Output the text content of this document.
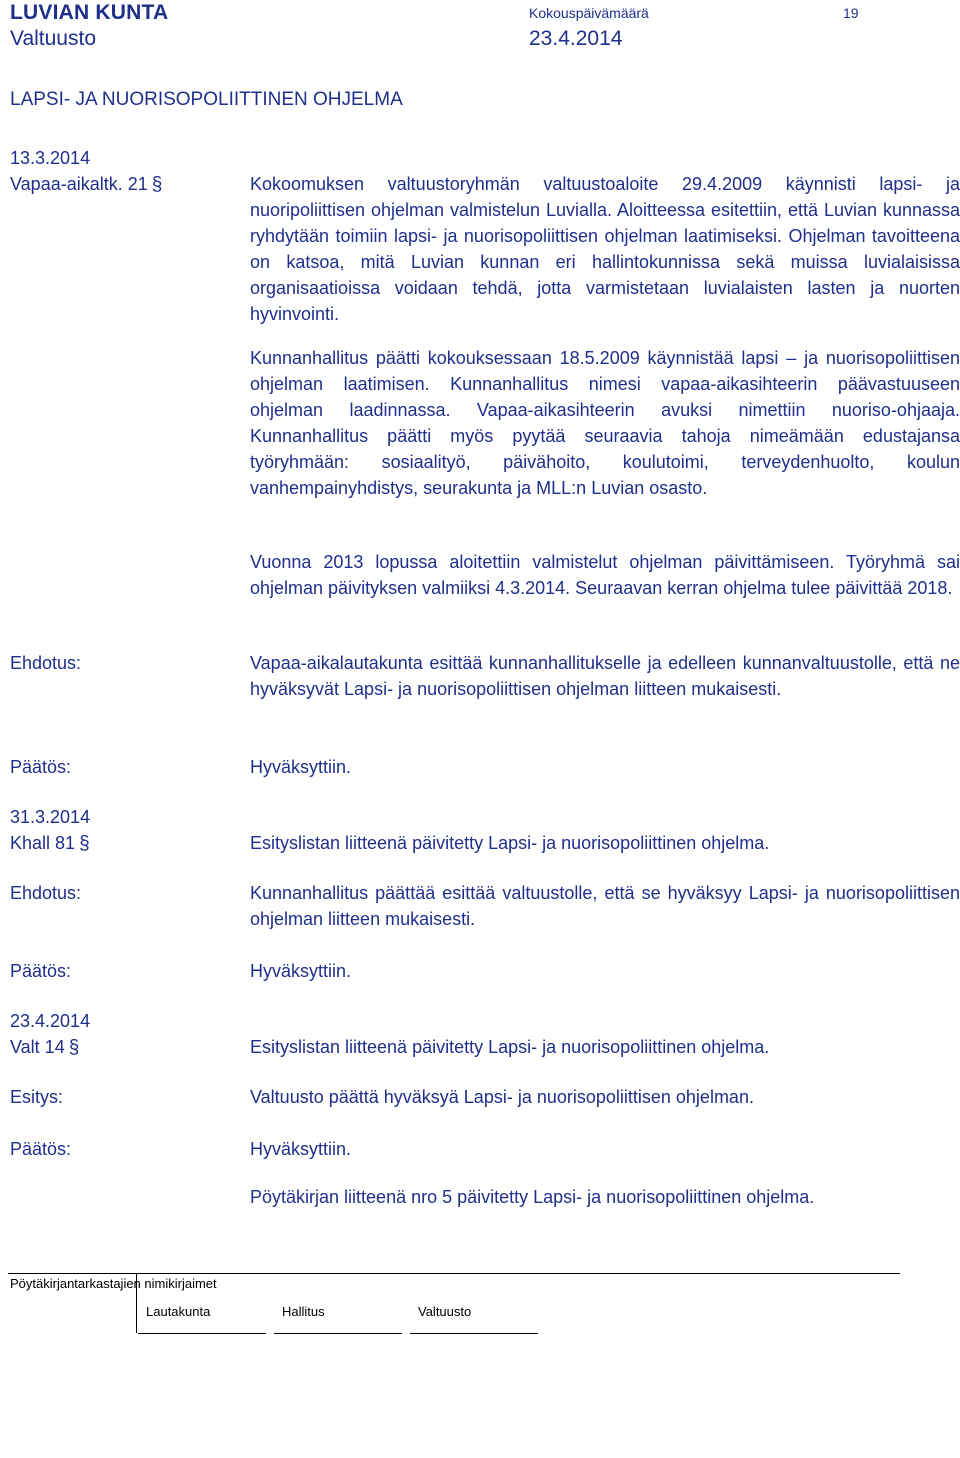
LUVIAN KUNTA
Valtuusto
Kokouspäivämäärä
23.4.2014
19
LAPSI- JA NUORISOPOLIITTINEN OHJELMA
13.3.2014
Vapaa-aikaltk. 21 §	Kokoomuksen valtuustoryhmän valtuustoaloite 29.4.2009 käynnisti lapsi- ja nuoripoliittisen ohjelman valmistelun Luvialla. Aloitteessa esitettiin, että Luvian kunnassa ryhdytään toimiin lapsi- ja nuorisopoliittisen ohjelman laatimiseksi. Ohjelman tavoitteena on katsoa, mitä Luvian kunnan eri hallintokunnissa sekä muissa luvialaisissa organisaatioissa voidaan tehdä, jotta varmistetaan luvialaisten lasten ja nuorten hyvinvointi.
Kunnanhallitus päätti kokouksessaan 18.5.2009 käynnistää lapsi – ja nuorisopoliittisen ohjelman laatimisen. Kunnanhallitus nimesi vapaa-aikasihteerin päävastuuseen ohjelman laadinnassa. Vapaa-aikasihteerin avuksi nimettiin nuoriso-ohjaaja. Kunnanhallitus päätti myös pyytää seuraavia tahoja nimeämään edustajansa työryhmään: sosiaalityö, päivähoito, koulutoimi, terveydenhuolto, koulun vanhempainyhdistys, seurakunta ja MLL:n Luvian osasto.
Vuonna 2013 lopussa aloitettiin valmistelut ohjelman päivittämiseen. Työryhmä sai ohjelman päivityksen valmiiksi 4.3.2014. Seuraavan kerran ohjelma tulee päivittää 2018.
Ehdotus:	Vapaa-aikalautakunta esittää kunnanhallitukselle ja edelleen kunnanvaltuustolle, että ne hyväksyvät Lapsi- ja nuorisopoliittisen ohjelman liitteen mukaisesti.
Päätös:	Hyväksyttiin.
31.3.2014
Khall 81 §	Esityslistan liitteenä päivitetty Lapsi- ja nuorisopoliittinen ohjelma.
Ehdotus:	Kunnanhallitus päättää esittää valtuustolle, että se hyväksyy Lapsi- ja nuorisopoliittisen ohjelman liitteen mukaisesti.
Päätös:	Hyväksyttiin.
23.4.2014
Valt 14 §	Esityslistan liitteenä päivitetty Lapsi- ja nuorisopoliittinen ohjelma.
Esitys:	Valtuusto päättä hyväksyä Lapsi- ja nuorisopoliittisen ohjelman.
Päätös:	Hyväksyttiin.
Pöytäkirjan liitteenä nro 5 päivitetty Lapsi- ja nuorisopoliittinen ohjelma.
Pöytäkirjantarkastajien nimikirjaimet
Lautakunta	Hallitus	Valtuusto
